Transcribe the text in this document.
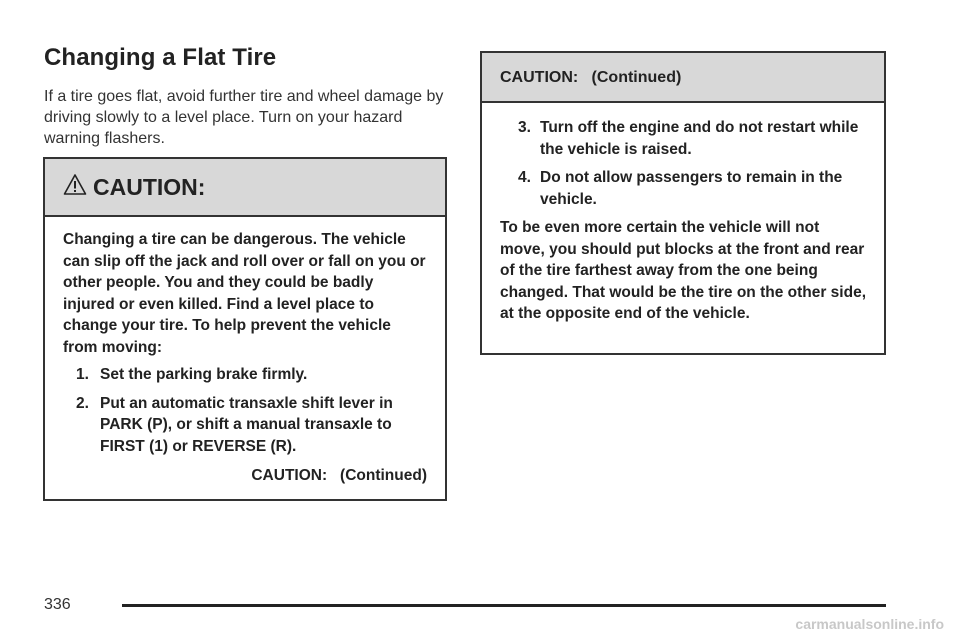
Changing a Flat Tire

If a tire goes flat, avoid further tire and wheel damage by driving slowly to a level place. Turn on your hazard warning flashers.

CAUTION:

Changing a tire can be dangerous. The vehicle can slip off the jack and roll over or fall on you or other people. You and they could be badly injured or even killed. Find a level place to change your tire. To help prevent the vehicle from moving:

1. Set the parking brake firmly.
2. Put an automatic transaxle shift lever in PARK (P), or shift a manual transaxle to FIRST (1) or REVERSE (R).

CAUTION:   (Continued)

CAUTION:   (Continued)
3. Turn off the engine and do not restart while the vehicle is raised.
4. Do not allow passengers to remain in the vehicle.

To be even more certain the vehicle will not move, you should put blocks at the front and rear of the tire farthest away from the one being changed. That would be the tire on the other side, at the opposite end of the vehicle.

336
carmanualsonline.info
